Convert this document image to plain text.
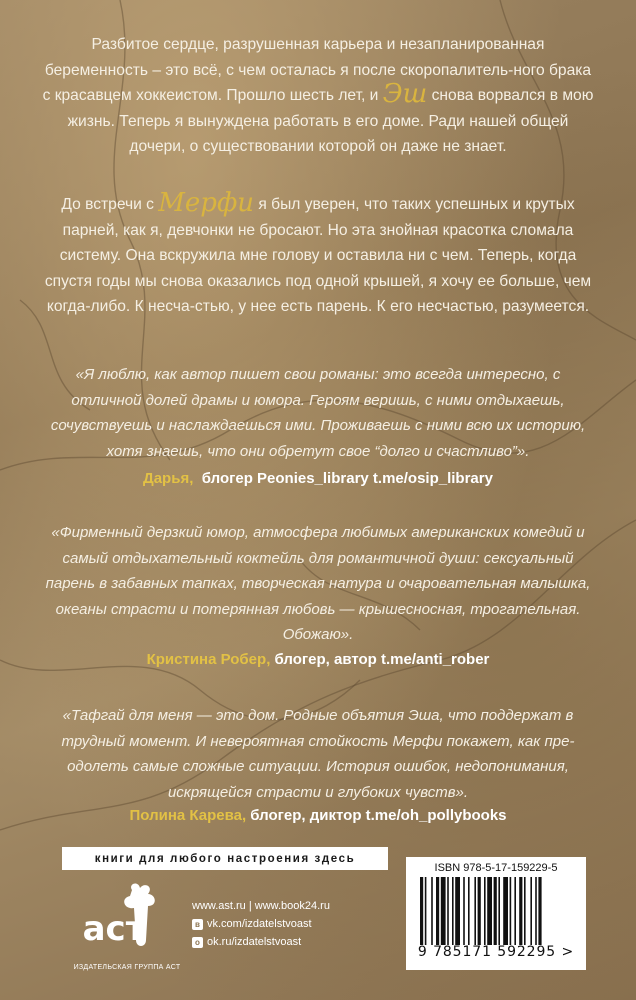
Разбитое сердце, разрушенная карьера и незапланированная беременность – это всё, с чем осталась я после скоропалитель-ного брака с красавцем хоккеистом. Прошло шесть лет, и Эш снова ворвался в мою жизнь. Теперь я вынуждена работать в его доме. Ради нашей общей дочери, о существовании которой он даже не знает.

До встречи с Мерфи я был уверен, что таких успешных и крутых парней, как я, девчонки не бросают. Но эта знойная красотка сломала систему. Она вскружила мне голову и оставила ни с чем. Теперь, когда спустя годы мы снова оказались под одной крышей, я хочу ее больше, чем когда-либо. К несча-стью, у нее есть парень. К его несчастью, разумеется.

«Я люблю, как автор пишет свои романы: это всегда интересно, с отличной долей драмы и юмора. Героям веришь, с ними отдыхаешь, сочувствуешь и наслаждаешься ими. Проживаешь с ними всю их историю, хотя знаешь, что они обретут свое “долго и счастливо”».

Дарья, блогер Peonies_library t.me/osip_library

«Фирменный дерзкий юмор, атмосфера любимых американских комедий и самый отдыхательный коктейль для романтичной души: сексуальный парень в забавных тапках, творческая натура и очаровательная малышка, океаны страсти и потерянная любовь — крышесносная, трогательная. Обожаю».

Кристина Робер, блогер, автор t.me/anti_rober

«Тафгай для меня — это дом. Родные объятия Эша, что поддержат в трудный момент. И невероятная стойкость Мерфи покажет, как пре-одолеть самые сложные ситуации. История ошибок, недопонимания, искрящейся страсти и глубоких чувств».

Полина Карева, блогер, диктор t.me/oh_pollybooks

книги для любого настроения здесь
аст
ИЗДАТЕЛЬСКАЯ ГРУППА АСТ
www.ast.ru | www.book24.ru
в vk.com/izdatelstvoast
о ok.ru/izdatelstvoast
ISBN 978-5-17-159229-5
9 785171 592295 >
